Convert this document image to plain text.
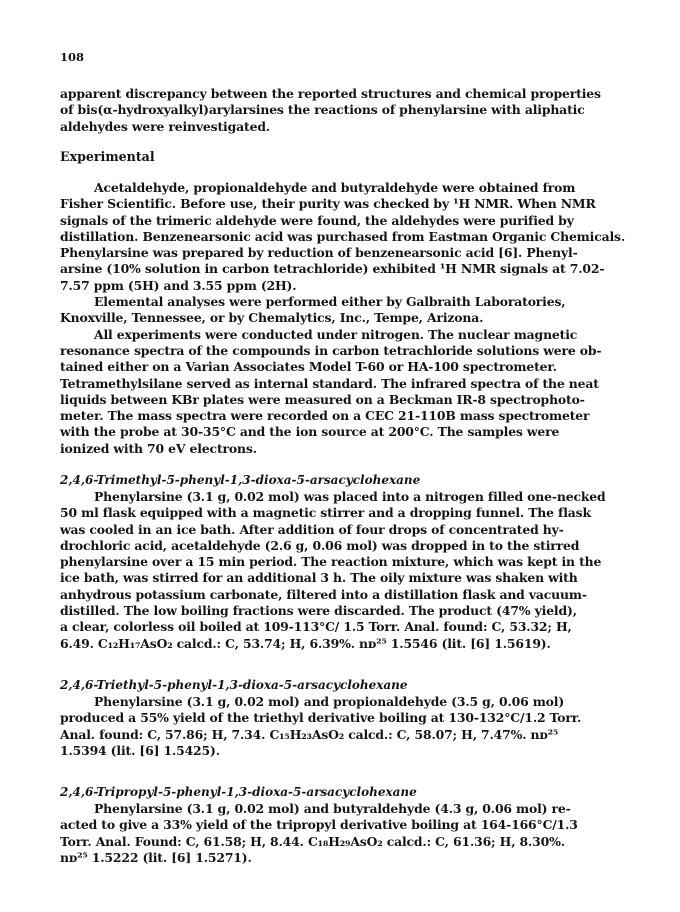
108
apparent discrepancy between the reported structures and chemical properties
of bis(α-hydroxyalkyl)arylarsines the reactions of phenylarsine with aliphatic
aldehydes were reinvestigated.
Experimental
Acetaldehyde, propionaldehyde and butyraldehyde were obtained from
Fisher Scientific. Before use, their purity was checked by ¹H NMR. When NMR
signals of the trimeric aldehyde were found, the aldehydes were purified by
distillation. Benzenearsonic acid was purchased from Eastman Organic Chemicals.
Phenylarsine was prepared by reduction of benzenearsonic acid [6]. Phenyl-
arsine (10% solution in carbon tetrachloride) exhibited ¹H NMR signals at 7.02-
7.57 ppm (5H) and 3.55 ppm (2H).
Elemental analyses were performed either by Galbraith Laboratories,
Knoxville, Tennessee, or by Chemalytics, Inc., Tempe, Arizona.
All experiments were conducted under nitrogen. The nuclear magnetic
resonance spectra of the compounds in carbon tetrachloride solutions were ob-
tained either on a Varian Associates Model T-60 or HA-100 spectrometer.
Tetramethylsilane served as internal standard. The infrared spectra of the neat
liquids between KBr plates were measured on a Beckman IR-8 spectrophoto-
meter. The mass spectra were recorded on a CEC 21-110B mass spectrometer
with the probe at 30-35°C and the ion source at 200°C. The samples were
ionized with 70 eV electrons.
2,4,6-Trimethyl-5-phenyl-1,3-dioxa-5-arsacyclohexane
Phenylarsine (3.1 g, 0.02 mol) was placed into a nitrogen filled one-necked
50 ml flask equipped with a magnetic stirrer and a dropping funnel. The flask
was cooled in an ice bath. After addition of four drops of concentrated hy-
drochloric acid, acetaldehyde (2.6 g, 0.06 mol) was dropped in to the stirred
phenylarsine over a 15 min period. The reaction mixture, which was kept in the
ice bath, was stirred for an additional 3 h. The oily mixture was shaken with
anhydrous potassium carbonate, filtered into a distillation flask and vacuum-
distilled. The low boiling fractions were discarded. The product (47% yield),
a clear, colorless oil boiled at 109-113°C/ 1.5 Torr. Anal. found: C, 53.32; H,
6.49. C₁₂H₁₇AsO₂ calcd.: C, 53.74; H, 6.39%. nᴅ²⁵ 1.5546 (lit. [6] 1.5619).
2,4,6-Triethyl-5-phenyl-1,3-dioxa-5-arsacyclohexane
Phenylarsine (3.1 g, 0.02 mol) and propionaldehyde (3.5 g, 0.06 mol)
produced a 55% yield of the triethyl derivative boiling at 130-132°C/1.2 Torr.
Anal. found: C, 57.86; H, 7.34. C₁₅H₂₃AsO₂ calcd.: C, 58.07; H, 7.47%. nᴅ²⁵
1.5394 (lit. [6] 1.5425).
2,4,6-Tripropyl-5-phenyl-1,3-dioxa-5-arsacyclohexane
Phenylarsine (3.1 g, 0.02 mol) and butyraldehyde (4.3 g, 0.06 mol) re-
acted to give a 33% yield of the tripropyl derivative boiling at 164-166°C/1.3
Torr. Anal. Found: C, 61.58; H, 8.44. C₁₈H₂₉AsO₂ calcd.: C, 61.36; H, 8.30%.
nᴅ²⁵ 1.5222 (lit. [6] 1.5271).
